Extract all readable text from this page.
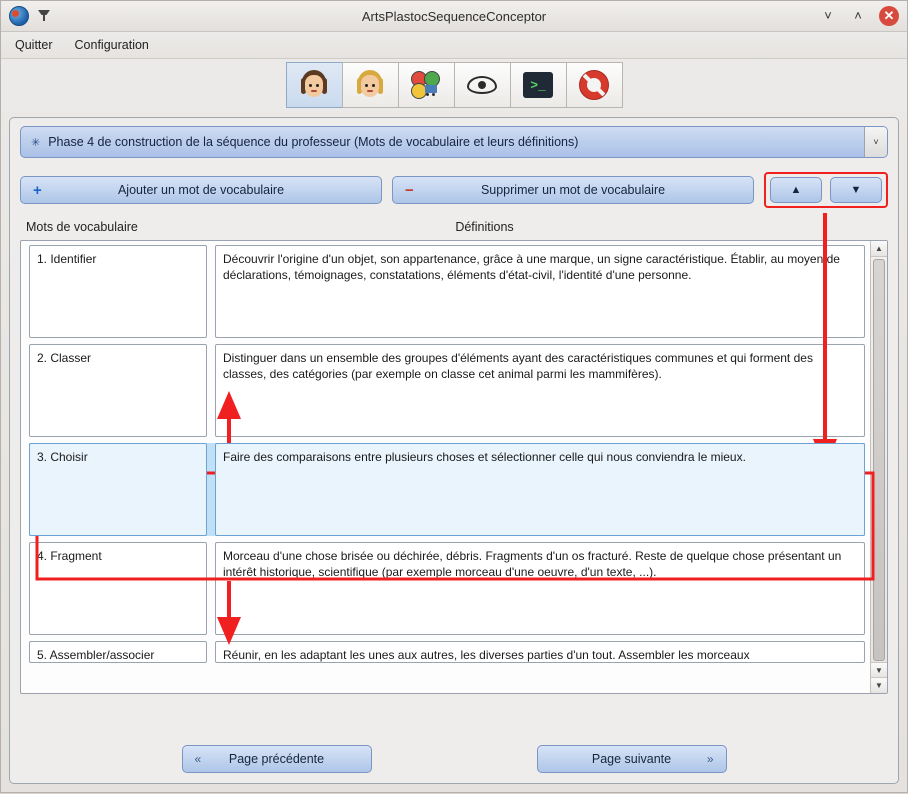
ArtsPlastocSequenceConceptor	˅	˄	✕
Quitter Configuration
>_
✳ Phase 4 de construction de la séquence du professeur (Mots de vocabulaire et leurs définitions)	˅
+	Ajouter un mot de vocabulaire	−	Supprimer un mot de vocabulaire	▲	▼
Mots de vocabulaire	Définitions
1. Identifier	Découvrir l'origine d'un objet, son appartenance, grâce à une marque, un signe caractéristique. Établir, au moyen de déclarations, témoignages, constatations, éléments d'état-civil, l'identité d'une personne.
2. Classer	Distinguer dans un ensemble des groupes d'éléments ayant des caractéristiques communes et qui forment des classes, des catégories (par exemple on classe cet animal parmi les mammifères).
3. Choisir	Faire des comparaisons entre plusieurs choses et sélectionner celle qui nous conviendra le mieux.
4. Fragment	Morceau d'une chose brisée ou déchirée, débris. Fragments d'un os fracturé. Reste de quelque chose présentant un intérêt historique, scientifique (par exemple morceau d'une oeuvre, d'un texte, ...).
5. Assembler/associer	Réunir, en les adaptant les unes aux autres, les diverses parties d'un tout. Assembler les morceaux
▲
▼
▼
« Page précédente	Page suivante	»
